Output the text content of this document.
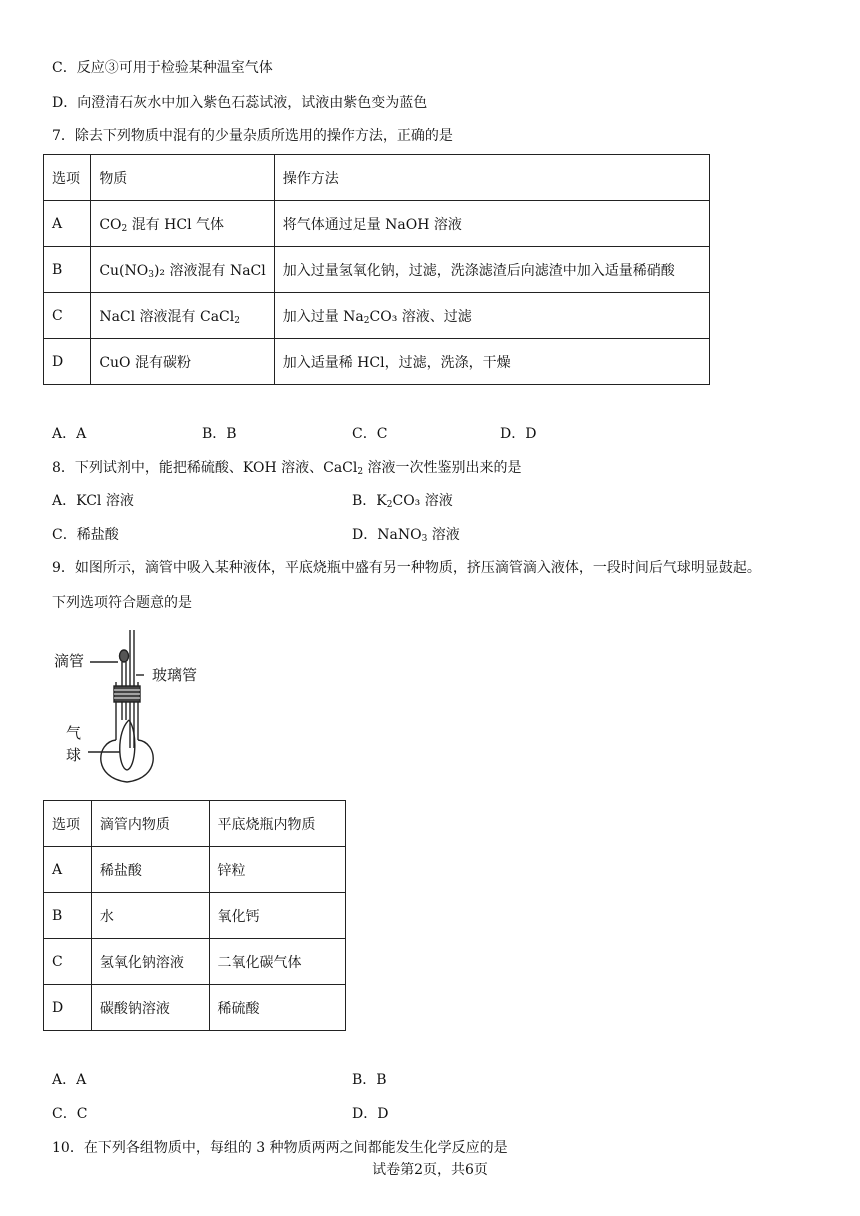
C．反应③可用于检验某种温室气体
D．向澄清石灰水中加入紫色石蕊试液，试液由紫色变为蓝色
7．除去下列物质中混有的少量杂质所选用的操作方法，正确的是
选项	物质	操作方法
A	$CO_2$ 混有 HCl 气体	将气体通过足量 NaOH 溶液
B	$Cu(NO_3)_2$ 溶液混有 NaCl	加入过量氢氧化钠，过滤，洗涤滤渣后向滤渣中加入适量稀硝酸
C	NaCl 溶液混有 CaCl$_2$	加入过量 $Na_2CO_3$ 溶液、过滤
D	CuO 混有碳粉	加入适量稀 HCl，过滤，洗涤，干燥
A．A	B．B	C．C	D．D
8．下列试剂中，能把稀硫酸、KOH 溶液、CaCl$_2$ 溶液一次性鉴别出来的是
A．KCl 溶液	B．$K_2CO_3$ 溶液
C．稀盐酸	D．NaNO$_3$ 溶液
9．如图所示，滴管中吸入某种液体，平底烧瓶中盛有另一种物质，挤压滴管滴入液体，一段时间后气球明显鼓起。
下列选项符合题意的是
滴管
玻璃管
气
球
选项	滴管内物质	平底烧瓶内物质
A	稀盐酸	锌粒
B	水	氧化钙
C	氢氧化钠溶液	二氧化碳气体
D	碳酸钠溶液	稀硫酸
A．A	B．B
C．C	D．D
10．在下列各组物质中，每组的 3 种物质两两之间都能发生化学反应的是
试卷第2页，共6页
